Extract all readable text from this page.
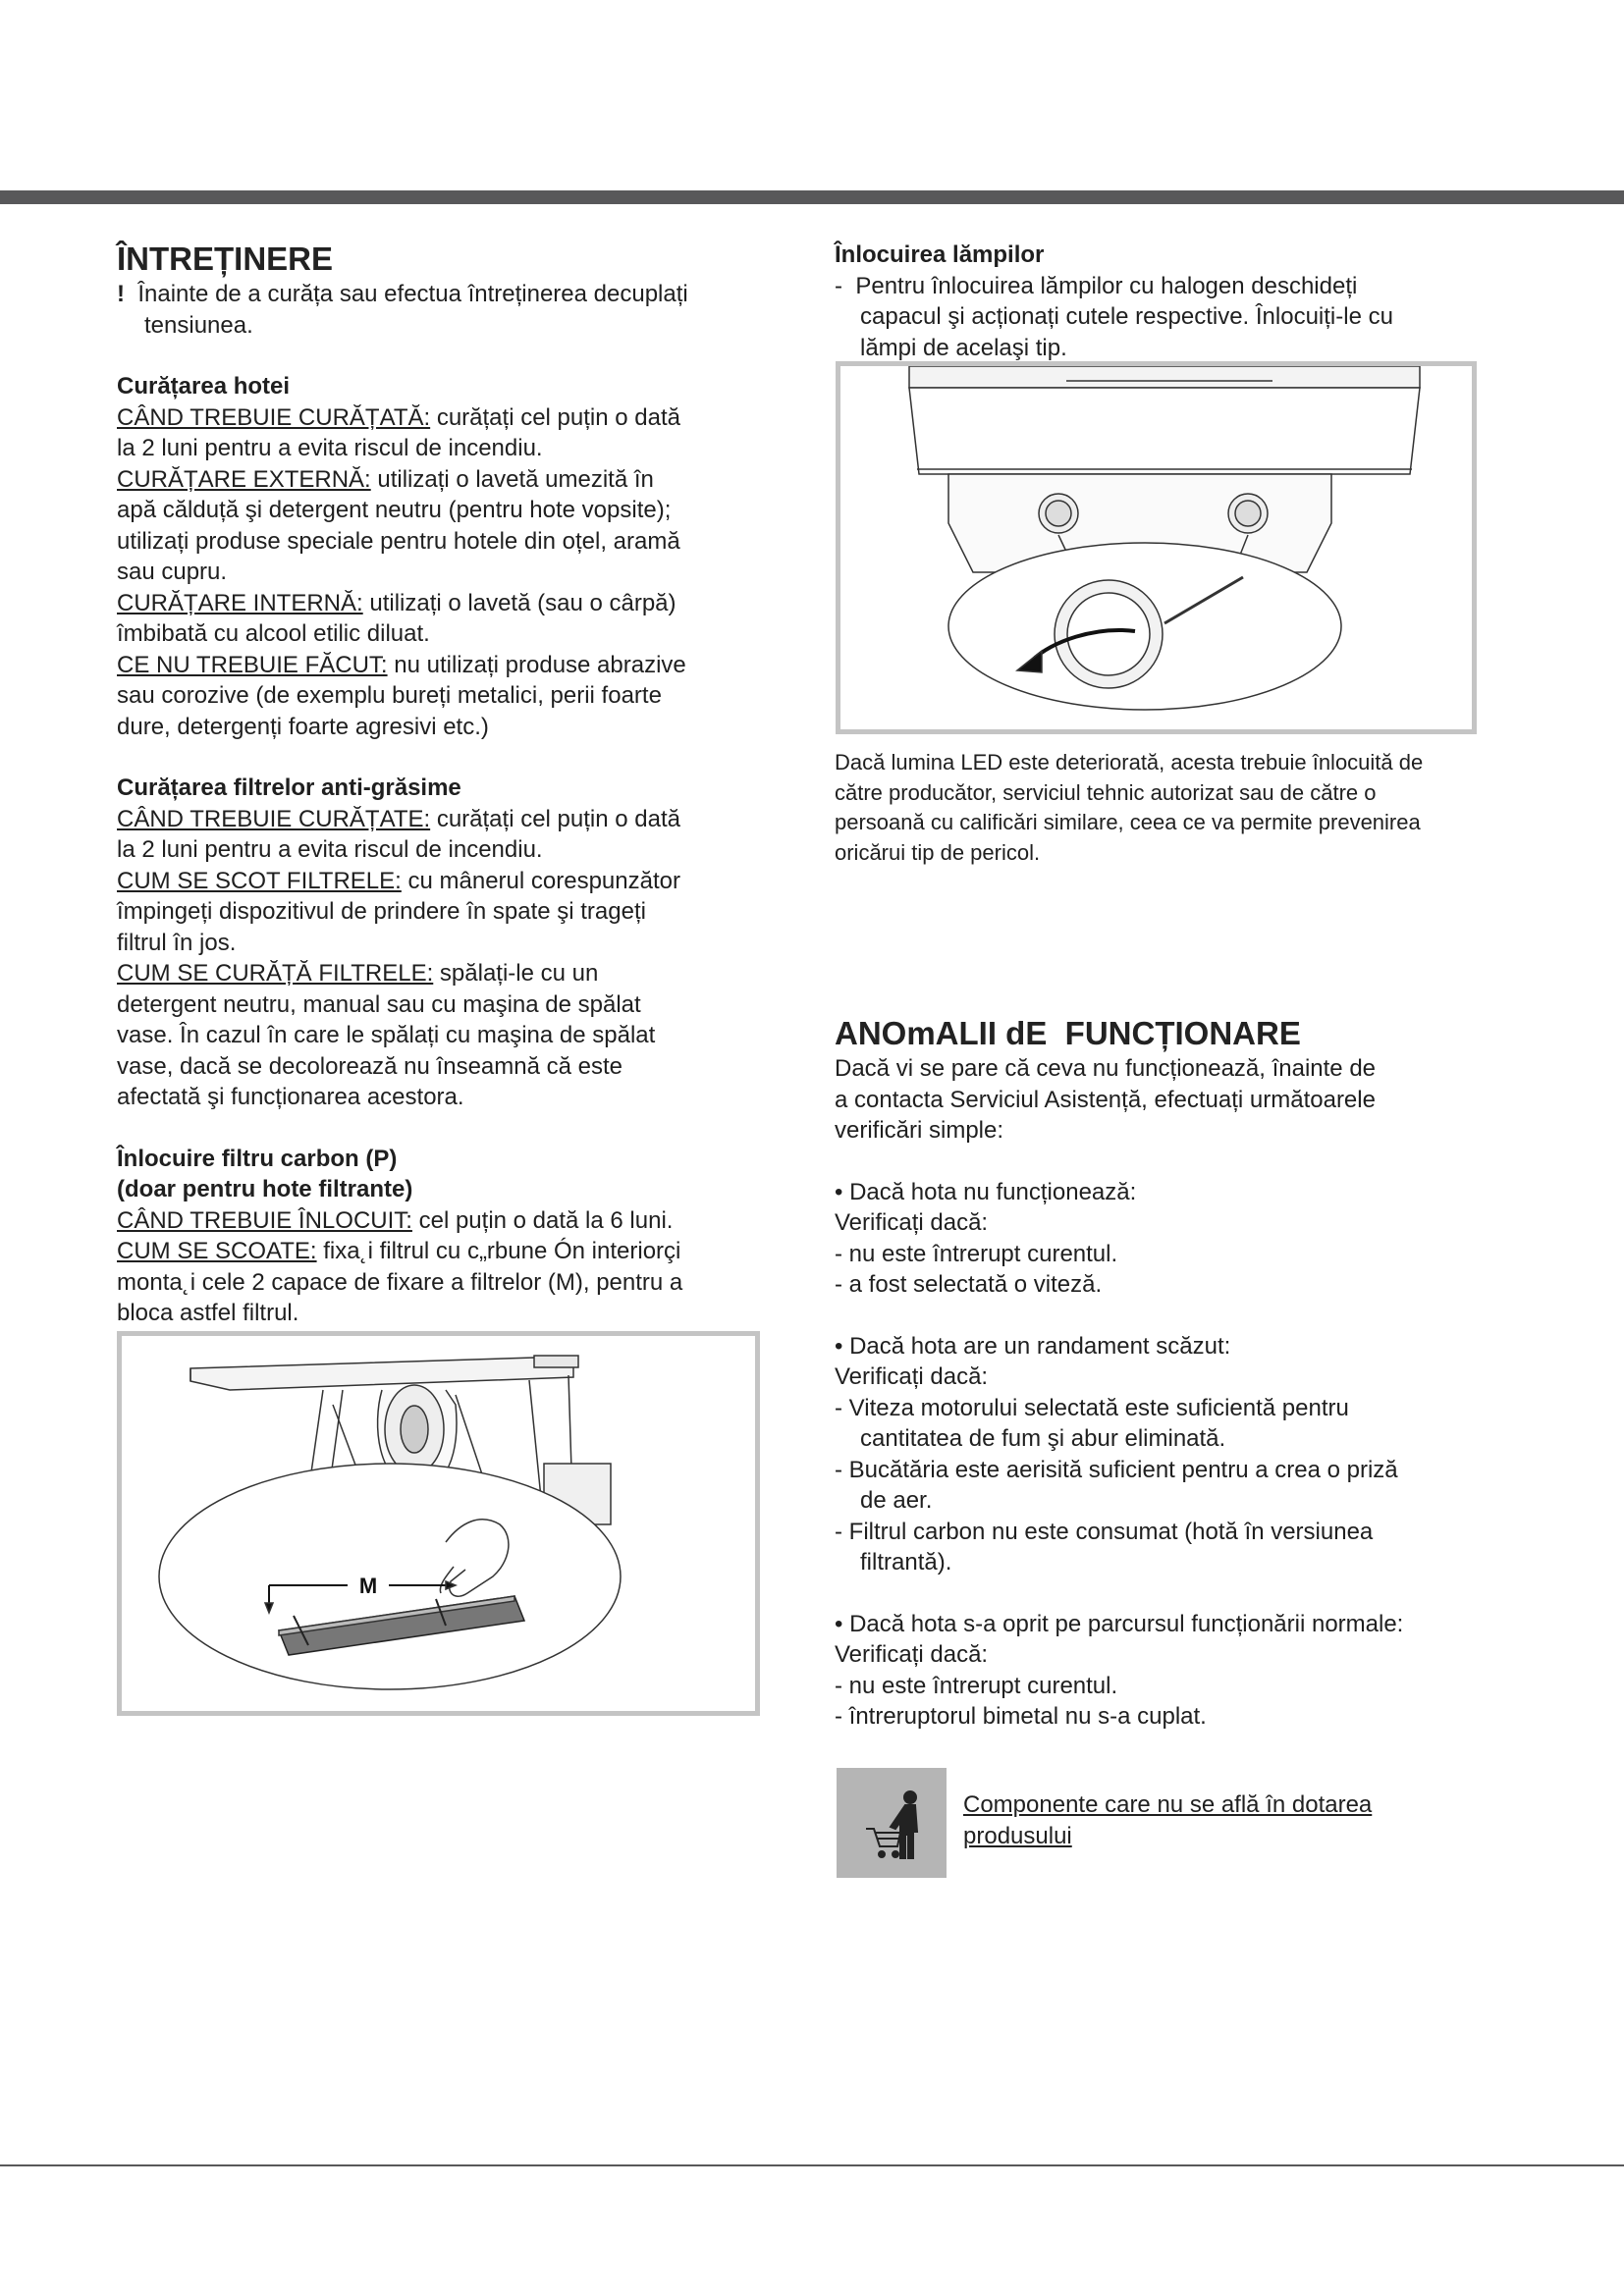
ÎNTREȚINERE

! Înainte de a curăța sau efectua întreținerea decuplați

tensiunea.

Curățarea hotei

CÂND TREBUIE CURĂȚATĂ: curățați cel puțin o dată

la 2 luni pentru a evita riscul de incendiu.

CURĂȚARE EXTERNĂ: utilizați o lavetă umezită în

apă călduță şi detergent neutru (pentru hote vopsite);

utilizați produse speciale pentru hotele din oțel, aramă

sau cupru.

CURĂȚARE INTERNĂ: utilizați o lavetă (sau o cârpă)

îmbibată cu alcool etilic diluat.

CE NU TREBUIE FĂCUT: nu utilizați produse abrazive

sau corozive (de exemplu bureți metalici, perii foarte

dure, detergenți foarte agresivi etc.)

Curățarea filtrelor anti-grăsime

CÂND TREBUIE CURĂȚATE: curățați cel puțin o dată

la 2 luni pentru a evita riscul de incendiu.

CUM SE SCOT FILTRELE: cu mânerul corespunzător

împingeți dispozitivul de prindere în spate şi trageți

filtrul în jos.

CUM SE CURĂȚĂ FILTRELE: spălați-le cu un

detergent neutru, manual sau cu maşina de spălat

vase. În cazul în care le spălați cu maşina de spălat

vase, dacă se decolorează nu înseamnă că este

afectată şi funcționarea acestora.

Înlocuire filtru carbon (P)

(doar pentru hote filtrante)

CÂND TREBUIE ÎNLOCUIT: cel puțin o dată la 6 luni.

CUM SE SCOATE: fixa˛i filtrul cu c„rbune Ón interiorçi

monta˛i cele 2 capace de fixare a filtrelor (M), pentru a

bloca astfel filtrul.

M

Înlocuirea lămpilor

- Pentru înlocuirea lămpilor cu halogen deschideți

capacul şi acționați cutele respective. Înlocuiți-le cu

lămpi de acelaşi tip.

Dacă lumina LED este deteriorată, acesta trebuie înlocuită de

către producător, serviciul tehnic autorizat sau de către o

persoană cu calificări similare, ceea ce va permite prevenirea

oricărui tip de pericol.

ANOmALII dE  FUNCȚIONARE

Dacă vi se pare că ceva nu funcționează, înainte de

a contacta Serviciul Asistență, efectuați următoarele

verificări simple:

• Dacă hota nu funcționează:

Verificați dacă:

- nu este întrerupt curentul.

- a fost selectată o viteză.

• Dacă hota are un randament scăzut:

Verificați dacă:

- Viteza motorului selectată este suficientă pentru

cantitatea de fum şi abur eliminată.

- Bucătăria este aerisită suficient pentru a crea o priză

de aer.

- Filtrul carbon nu este consumat (hotă în versiunea

filtrantă).

• Dacă hota s-a oprit pe parcursul funcționării normale:

Verificați dacă:

- nu este întrerupt curentul.

- întreruptorul bimetal nu s-a cuplat.

Componente care nu se află în dotarea
produsului
